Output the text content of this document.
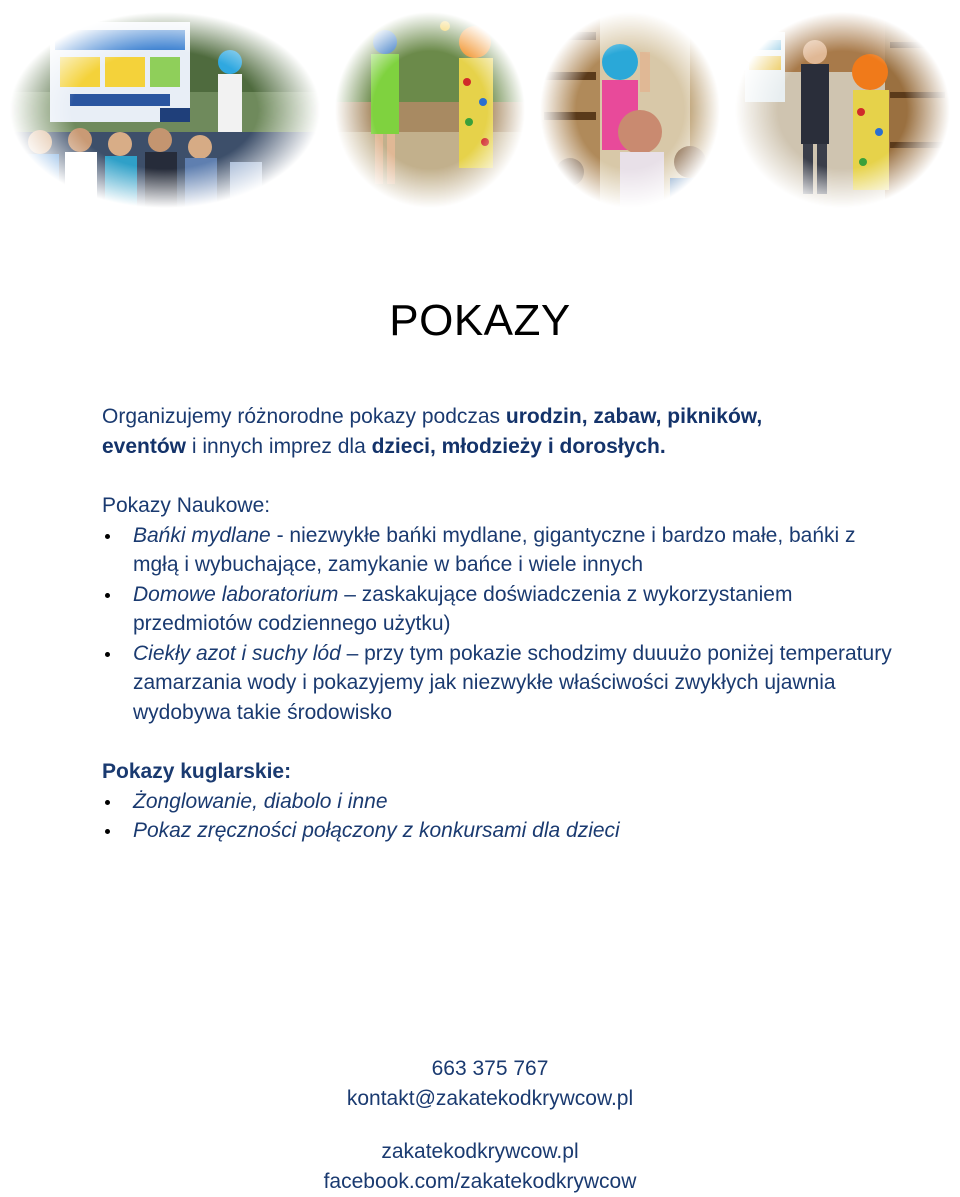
POKAZY

Organizujemy różnorodne pokazy podczas urodzin, zabaw, pikników,
eventów i innych imprez dla dzieci, młodzieży i dorosłych.

Pokazy Naukowe:

Bańki mydlane - niezwykłe bańki mydlane, gigantyczne i bardzo małe, bańki z mgłą i wybuchające, zamykanie w bańce i wiele innych
Domowe laboratorium – zaskakujące doświadczenia z wykorzystaniem przedmiotów codziennego użytku)
Ciekły azot i suchy lód – przy tym pokazie schodzimy duuużo poniżej temperatury zamarzania wody i pokazyjemy jak niezwykłe właściwości zwykłych ujawnia wydobywa takie środowisko

Pokazy kuglarskie:

Żonglowanie, diabolo i inne
Pokaz zręczności połączony z konkursami dla dzieci
663 375 767
kontakt@zakatekodkrywcow.pl
zakatekodkrywcow.pl
facebook.com/zakatekodkrywcow
